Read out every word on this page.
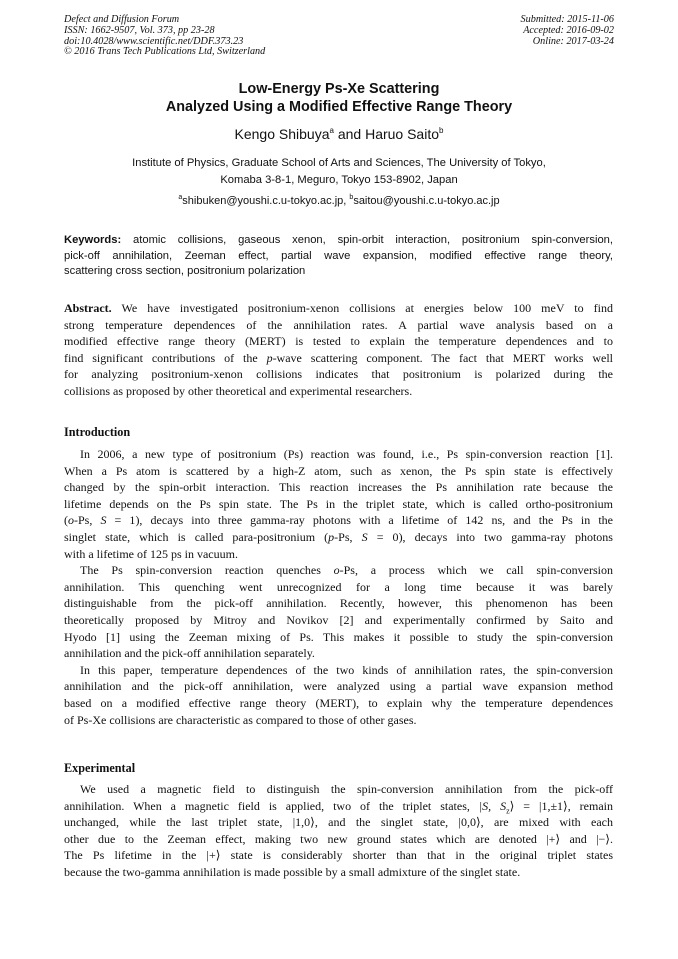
Defect and Diffusion Forum
ISSN: 1662-9507, Vol. 373, pp 23-28
doi:10.4028/www.scientific.net/DDF.373.23
© 2016 Trans Tech Publications Ltd, Switzerland
Submitted: 2015-11-06
Accepted: 2016-09-02
Online: 2017-03-24
Low-Energy Ps-Xe Scattering
Analyzed Using a Modified Effective Range Theory
Kengo Shibuya$^a$ and Haruo Saito$^b$
Institute of Physics, Graduate School of Arts and Sciences, The University of Tokyo,
Komaba 3-8-1, Meguro, Tokyo 153-8902, Japan
$^a$shibuken@youshi.c.u-tokyo.ac.jp, $^b$saitou@youshi.c.u-tokyo.ac.jp
Keywords: atomic collisions, gaseous xenon, spin-orbit interaction, positronium spin-conversion,
pick-off annihilation, Zeeman effect, partial wave expansion, modified effective range theory,
scattering cross section, positronium polarization
Abstract. We have investigated positronium-xenon collisions at energies below 100 meV to find
strong temperature dependences of the annihilation rates. A partial wave analysis based on a
modified effective range theory (MERT) is tested to explain the temperature dependences and to
find significant contributions of the p-wave scattering component. The fact that MERT works well
for analyzing positronium-xenon collisions indicates that positronium is polarized during the
collisions as proposed by other theoretical and experimental researchers.
Introduction
In 2006, a new type of positronium (Ps) reaction was found, i.e., Ps spin-conversion reaction [1].
When a Ps atom is scattered by a high-Z atom, such as xenon, the Ps spin state is effectively
changed by the spin-orbit interaction. This reaction increases the Ps annihilation rate because the
lifetime depends on the Ps spin state. The Ps in the triplet state, which is called ortho-positronium
(o-Ps, S = 1), decays into three gamma-ray photons with a lifetime of 142 ns, and the Ps in the
singlet state, which is called para-positronium (p-Ps, S = 0), decays into two gamma-ray photons
with a lifetime of 125 ps in vacuum.
The Ps spin-conversion reaction quenches o-Ps, a process which we call spin-conversion
annihilation. This quenching went unrecognized for a long time because it was barely
distinguishable from the pick-off annihilation. Recently, however, this phenomenon has been
theoretically proposed by Mitroy and Novikov [2] and experimentally confirmed by Saito and
Hyodo [1] using the Zeeman mixing of Ps. This makes it possible to study the spin-conversion
annihilation and the pick-off annihilation separately.
In this paper, temperature dependences of the two kinds of annihilation rates, the spin-conversion
annihilation and the pick-off annihilation, were analyzed using a partial wave expansion method
based on a modified effective range theory (MERT), to explain why the temperature dependences
of Ps-Xe collisions are characteristic as compared to those of other gases.
Experimental
We used a magnetic field to distinguish the spin-conversion annihilation from the pick-off
annihilation. When a magnetic field is applied, two of the triplet states, |S, $S_z⟩$ = |1,±1⟩, remain
unchanged, while the last triplet state, |1,0⟩, and the singlet state, |0,0⟩, are mixed with each
other due to the Zeeman effect, making two new ground states which are denoted |+⟩ and |−⟩.
The Ps lifetime in the |+⟩ state is considerably shorter than that in the original triplet states
because the two-gamma annihilation is made possible by a small admixture of the singlet state.
